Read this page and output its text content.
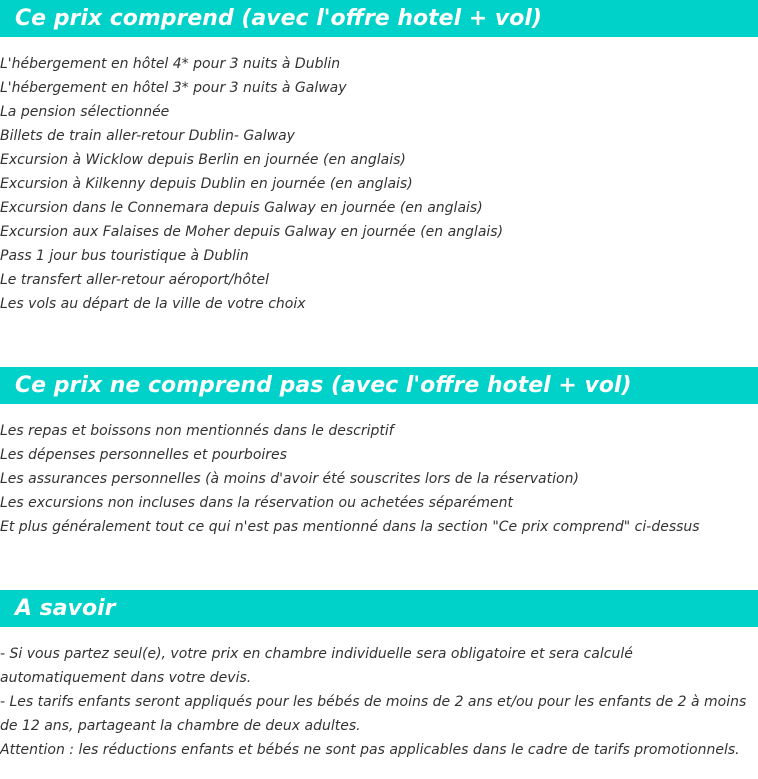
Ce prix comprend (avec l'offre hotel + vol)
L'hébergement en hôtel 4* pour 3 nuits à Dublin
L'hébergement en hôtel 3* pour 3 nuits à Galway
La pension sélectionnée
Billets de train aller-retour Dublin- Galway
Excursion à Wicklow depuis Berlin en journée (en anglais)
Excursion à Kilkenny depuis Dublin en journée (en anglais)
Excursion dans le Connemara depuis Galway en journée (en anglais)
Excursion aux Falaises de Moher depuis Galway en journée (en anglais)
Pass 1 jour bus touristique à Dublin
Le transfert aller-retour aéroport/hôtel
Les vols au départ de la ville de votre choix
Ce prix ne comprend pas (avec l'offre hotel + vol)
Les repas et boissons non mentionnés dans le descriptif
Les dépenses personnelles et pourboires
Les assurances personnelles (à moins d'avoir été souscrites lors de la réservation)
Les excursions non incluses dans la réservation ou achetées séparément
Et plus généralement tout ce qui n'est pas mentionné dans la section "Ce prix comprend" ci-dessus
A savoir

- Si vous partez seul(e), votre prix en chambre individuelle sera obligatoire et sera calculé automatiquement dans votre devis.

- Les tarifs enfants seront appliqués pour les bébés de moins de 2 ans et/ou pour les enfants de 2 à moins de 12 ans, partageant la chambre de deux adultes.

Attention : les réductions enfants et bébés ne sont pas applicables dans le cadre de tarifs promotionnels.
